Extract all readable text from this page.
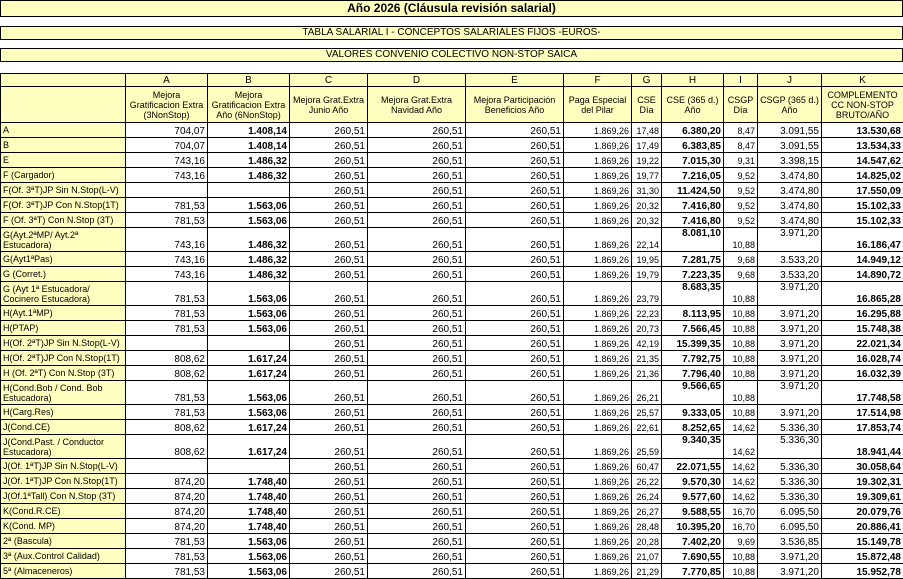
Año 2026 (Cláusula revisión salarial)
TABLA SALARIAL I - CONCEPTOS SALARIALES FIJOS -EUROS-
VALORES CONVENIO COLECTIVO NON-STOP SAICA
	A	B	C	D	E	F	G	H	I	J	K
	Mejora Gratificacion Extra (3NonStop)	Mejora Gratificacion Extra Año (6NonStop)	Mejora Grat.Extra Junio Año	Mejora Grat.Extra Navidad Año	Mejora Participación Beneficios Año	Paga Especial del Pilar	CSE Día	CSE (365 d.) Año	CSGP Día	CSGP (365 d.) Año	COMPLEMENTO CC NON-STOP BRUTO/AÑO
A	704,07	1.408,14	260,51	260,51	260,51	1.869,26	17,48	6.380,20	8,47	3.091,55	13.530,68
B	704,07	1.408,14	260,51	260,51	260,51	1.869,26	17,49	6.383,85	8,47	3.091,55	13.534,33
E	743,16	1.486,32	260,51	260,51	260,51	1.869,26	19,22	7.015,30	9,31	3.398,15	14.547,62
F (Cargador)	743,16	1.486,32	260,51	260,51	260,51	1.869,26	19,77	7.216,05	9,52	3.474,80	14.825,02
F(Of. 3ªT)JP Sin N.Stop(L-V)			260,51	260,51	260,51	1.869,26	31,30	11.424,50	9,52	3.474,80	17.550,09
F(Of. 3ªT)JP Con N.Stop(1T)	781,53	1.563,06	260,51	260,51	260,51	1.869,26	20,32	7.416,80	9,52	3.474,80	15.102,33
F (Of. 3ªT) Con N.Stop (3T)	781,53	1.563,06	260,51	260,51	260,51	1.869,26	20,32	7.416,80	9,52	3.474,80	15.102,33
G(Ayt.2ªMP/ Ayt.2ª Estucadora)	743,16	1.486,32	260,51	260,51	260,51	1.869,26	22,14	8.081,10	10,88	3.971,20	16.186,47
G(Ayt1ªPas)	743,16	1.486,32	260,51	260,51	260,51	1.869,26	19,95	7.281,75	9,68	3.533,20	14.949,12
G (Corret.)	743,16	1.486,32	260,51	260,51	260,51	1.869,26	19,79	7.223,35	9,68	3.533,20	14.890,72
G (Ayt 1ª Estucadora/ Cocinero Estucadora)	781,53	1.563,06	260,51	260,51	260,51	1.869,26	23,79	8.683,35	10,88	3.971,20	16.865,28
H(Ayt.1ªMP)	781,53	1.563,06	260,51	260,51	260,51	1.869,26	22,23	8.113,95	10,88	3.971,20	16.295,88
H(PTAP)	781,53	1.563,06	260,51	260,51	260,51	1.869,26	20,73	7.566,45	10,88	3.971,20	15.748,38
H(Of. 2ªT)JP Sin N.Stop(L-V)			260,51	260,51	260,51	1.869,26	42,19	15.399,35	10,88	3.971,20	22.021,34
H(Of. 2ªT)JP Con N.Stop(1T)	808,62	1.617,24	260,51	260,51	260,51	1.869,26	21,35	7.792,75	10,88	3.971,20	16.028,74
H (Of. 2ªT) Con N.Stop (3T)	808,62	1.617,24	260,51	260,51	260,51	1.869,26	21,36	7.796,40	10,88	3.971,20	16.032,39
H(Cond.Bob / Cond. Bob Estucadora)	781,53	1.563,06	260,51	260,51	260,51	1.869,26	26,21	9.566,65	10,88	3.971,20	17.748,58
H(Carg.Res)	781,53	1.563,06	260,51	260,51	260,51	1.869,26	25,57	9.333,05	10,88	3.971,20	17.514,98
J(Cond.CE)	808,62	1.617,24	260,51	260,51	260,51	1.869,26	22,61	8.252,65	14,62	5.336,30	17.853,74
J(Cond.Past. / Conductor Estucadora)	808,62	1.617,24	260,51	260,51	260,51	1.869,26	25,59	9.340,35	14,62	5.336,30	18.941,44
J(Of. 1ªT)JP Sin N.Stop(L-V)			260,51	260,51	260,51	1.869,26	60,47	22.071,55	14,62	5.336,30	30.058,64
J(Of. 1ªT)JP Con N.Stop(1T)	874,20	1.748,40	260,51	260,51	260,51	1.869,26	26,22	9.570,30	14,62	5.336,30	19.302,31
J(Of.1ªTall) Con N.Stop (3T)	874,20	1.748,40	260,51	260,51	260,51	1.869,26	26,24	9.577,60	14,62	5.336,30	19.309,61
K(Cond.R.CE)	874,20	1.748,40	260,51	260,51	260,51	1.869,26	26,27	9.588,55	16,70	6.095,50	20.079,76
K(Cond. MP)	874,20	1.748,40	260,51	260,51	260,51	1.869,26	28,48	10.395,20	16,70	6.095,50	20.886,41
2ª (Bascula)	781,53	1.563,06	260,51	260,51	260,51	1.869,26	20,28	7.402,20	9,69	3.536,85	15.149,78
3ª (Aux.Control Calidad)	781,53	1.563,06	260,51	260,51	260,51	1.869,26	21,07	7.690,55	10,88	3.971,20	15.872,48
5ª (Almaceneros)	781,53	1.563,06	260,51	260,51	260,51	1.869,26	21,29	7.770,85	10,88	3.971,20	15.952,78
